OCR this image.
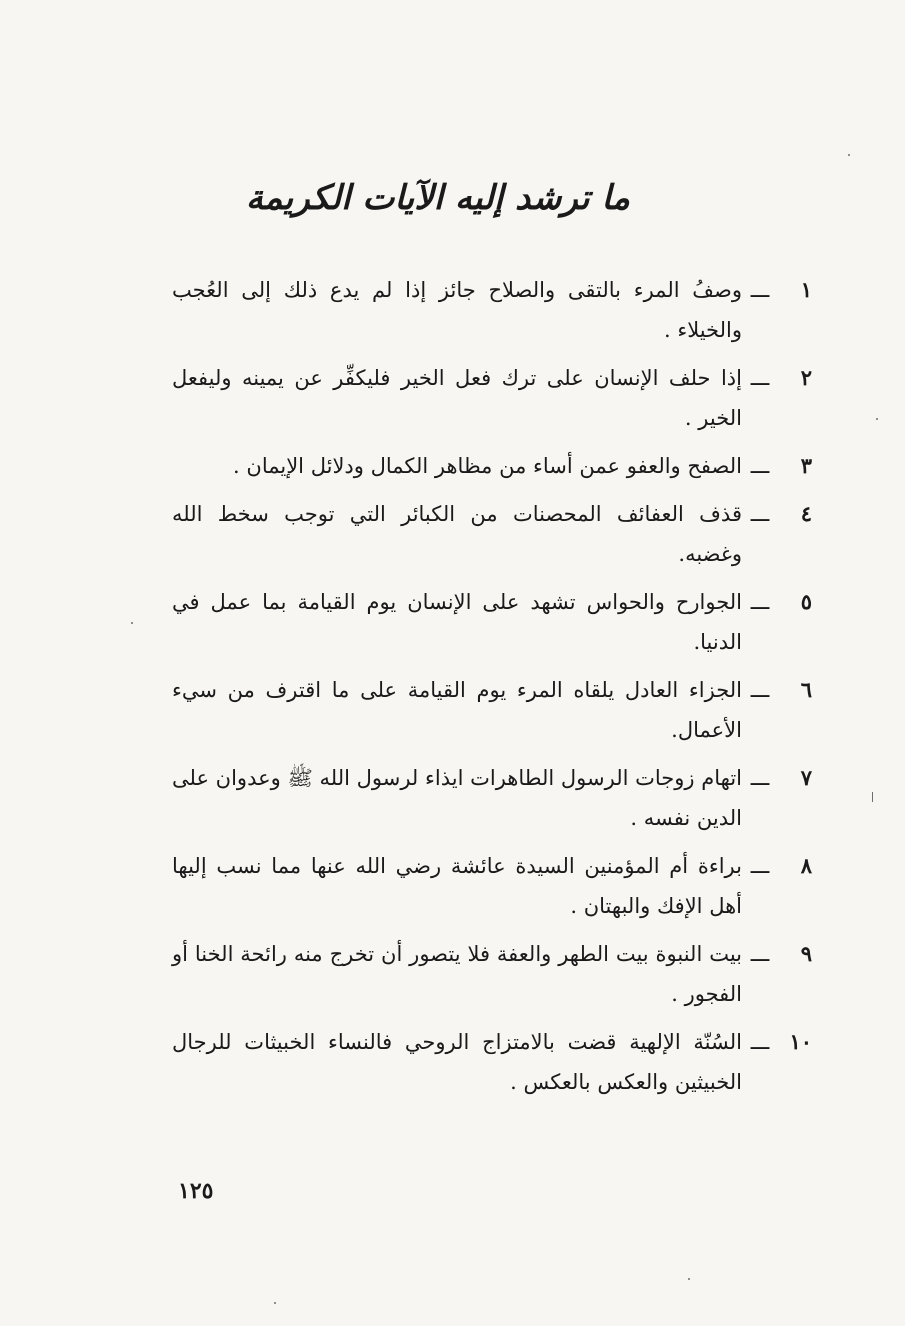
ما ترشد إليه الآيات الكريمة
١
ـــ
وصفُ المرء بالتقى والصلاح جائز إذا لم يدع ذلك إلى العُجب والخيلاء .
٢
ـــ
إذا حلف الإنسان على ترك فعل الخير فليكفِّر عن يمينه وليفعل الخير .
٣
ـــ
الصفح والعفو عمن أساء من مظاهر الكمال ودلائل الإيمان .
٤
ـــ
قذف العفائف المحصنات من الكبائر التي توجب سخط الله وغضبه.
٥
ـــ
الجوارح والحواس تشهد على الإنسان يوم القيامة بما عمل في الدنيا.
٦
ـــ
الجزاء العادل يلقاه المرء يوم القيامة على ما اقترف من سيء الأعمال.
٧
ـــ
اتهام زوجات الرسول الطاهرات ايذاء لرسول الله ﷺ وعدوان على الدين نفسه .
٨
ـــ
براءة أم المؤمنين السيدة عائشة رضي الله عنها مما نسب إليها أهل الإفك والبهتان .
٩
ـــ
بيت النبوة بيت الطهر والعفة فلا يتصور أن تخرج منه رائحة الخنا أو الفجور .
١٠
ـــ
السُنّة الإلهية قضت بالامتزاج الروحي فالنساء الخبيثات للرجال الخبيثين والعكس بالعكس .
١٢٥
